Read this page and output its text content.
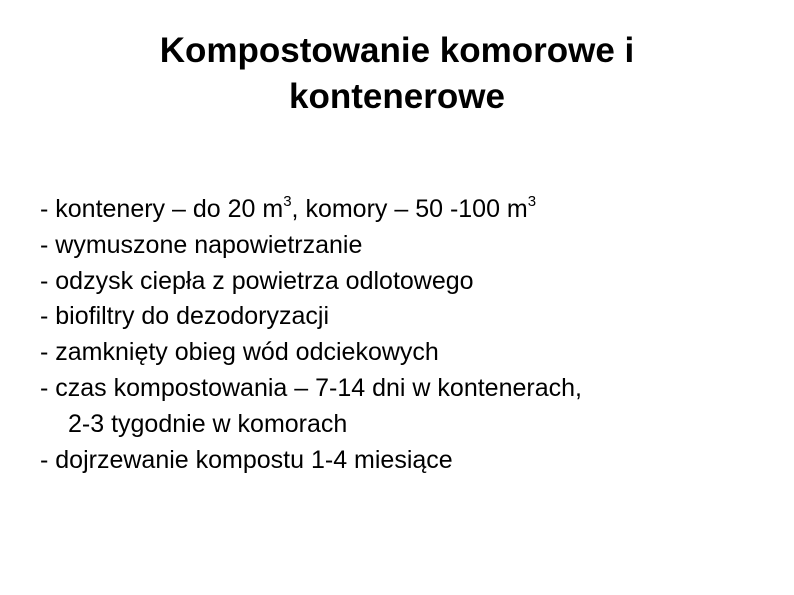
Kompostowanie komorowe i
kontenerowe
- kontenery – do 20 $m^3$, komory – 50 -100 $m^3$
- wymuszone napowietrzanie
- odzysk ciepła z powietrza odlotowego
- biofiltry do dezodoryzacji
- zamknięty obieg wód odciekowych
- czas kompostowania – 7-14 dni w kontenerach,
2-3 tygodnie w komorach
- dojrzewanie kompostu 1-4 miesiące
